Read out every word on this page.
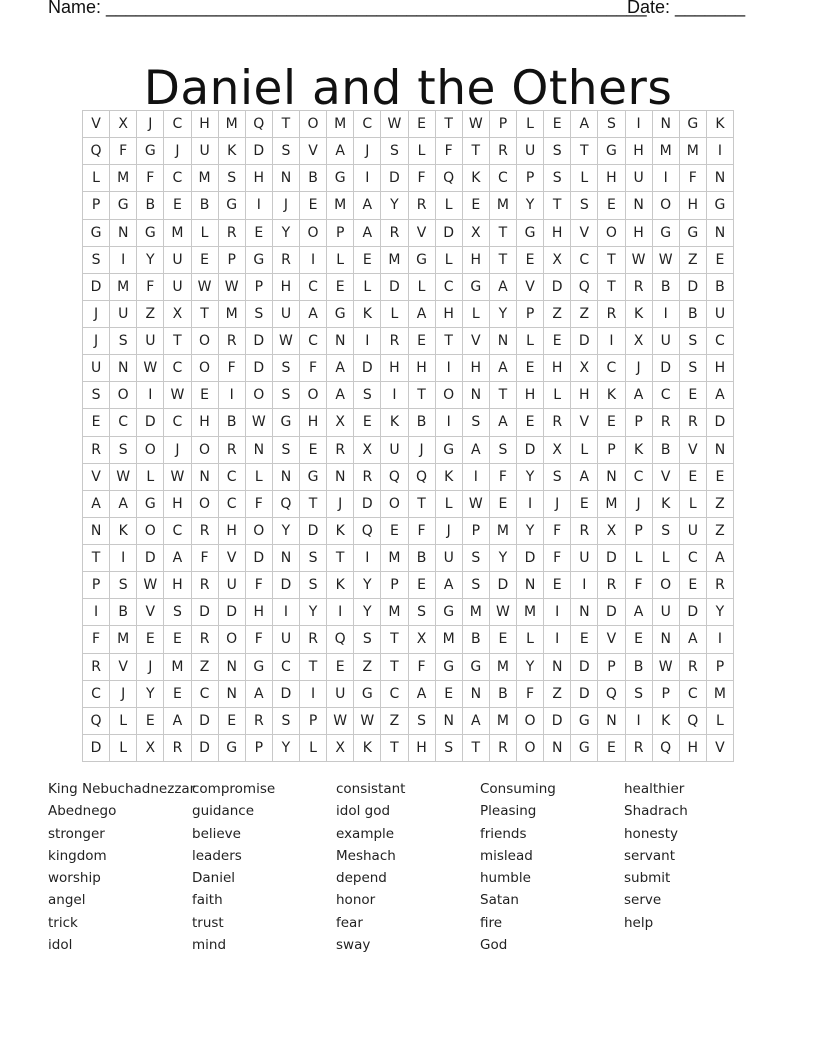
Name: ______________________________________________________
Date: _______
Daniel and the Others
V	X	J	C	H	M	Q	T	O	M	C	W	E	T	W	P	L	E	A	S	I	N	G	K
Q	F	G	J	U	K	D	S	V	A	J	S	L	F	T	R	U	S	T	G	H	M	M	I
L	M	F	C	M	S	H	N	B	G	I	D	F	Q	K	C	P	S	L	H	U	I	F	N
P	G	B	E	B	G	I	J	E	M	A	Y	R	L	E	M	Y	T	S	E	N	O	H	G
G	N	G	M	L	R	E	Y	O	P	A	R	V	D	X	T	G	H	V	O	H	G	G	N
S	I	Y	U	E	P	G	R	I	L	E	M	G	L	H	T	E	X	C	T	W W	Z	E
D	M	F	U	W W	P	H	C	E	L	D	L	C	G	A	V	D	Q	T	R	B	D	B
J	U	Z	X	T	M	S	U	A	G	K	L	A	H	L	Y	P	Z	Z	R	K	I	B	U
J	S	U	T	O	R	D	W	C	N	I	R	E	T	V	N	L	E	D	I	X	U	S	C
U	N	W	C	O	F	D	S	F	A	D	H	H	I	H	A	E	H	X	C	J	D	S	H
S	O	I	W	E	I	O	S	O	A	S	I	T	O	N	T	H	L	H	K	A	C	E	A
E	C	D	C	H	B	W	G	H	X	E	K	B	I	S	A	E	R	V	E	P	R	R	D
R	S	O	J	O	R	N	S	E	R	X	U	J	G	A	S	D	X	L	P	K	B	V	N
V	W	L	W	N	C	L	N	G	N	R	Q	Q	K	I	F	Y	S	A	N	C	V	E	E
A	A	G	H	O	C	F	Q	T	J	D	O	T	L	W	E	I	J	E	M	J	K	L	Z
N	K	O	C	R	H	O	Y	D	K	Q	E	F	J	P	M	Y	F	R	X	P	S	U	Z
T	I	D	A	F	V	D	N	S	T	I	M	B	U	S	Y	D	F	U	D	L	L	C	A
P	S	W	H	R	U	F	D	S	K	Y	P	E	A	S	D	N	E	I	R	F	O	E	R
I	B	V	S	D	D	H	I	Y	I	Y	M	S	G	M	W	M	I	N	D	A	U	D	Y
F	M	E	E	R	O	F	U	R	Q	S	T	X	M	B	E	L	I	E	V	E	N	A	I
R	V	J	M	Z	N	G	C	T	E	Z	T	F	G	G	M	Y	N	D	P	B	W	R	P
C	J	Y	E	C	N	A	D	I	U	G	C	A	E	N	B	F	Z	D	Q	S	P	C	M
Q	L	E	A	D	E	R	S	P	W W	Z	S	N	A	M	O	D	G	N	I	K	Q	L
D	L	X	R	D	G	P	Y	L	X	K	T	H	S	T	R	O	N	G	E	R	Q	H	V
King Nebuchadnezzar
Abednego
stronger
kingdom
worship
angel
trick
idol
compromise
guidance
believe
leaders
Daniel
faith
trust
mind
consistant
idol god
example
Meshach
depend
honor
fear
sway
Consuming
Pleasing
friends
mislead
humble
Satan
fire
God
healthier
Shadrach
honesty
servant
submit
serve
help
